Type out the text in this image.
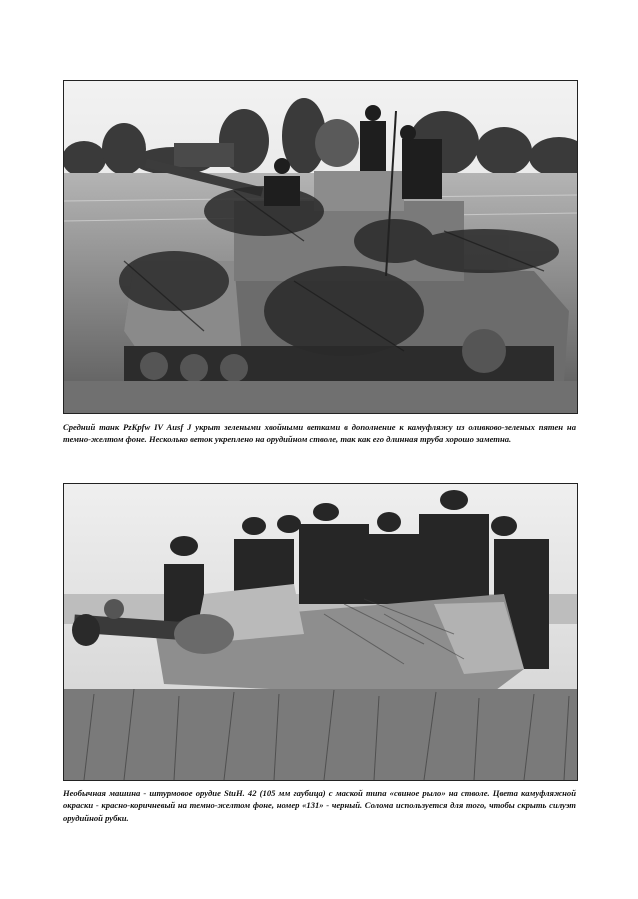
Средний танк PzKpfw IV Ausf J укрыт зелеными хвойными ветками в дополнение к камуфляжу из оливково-зеленых пятен на темно-желтом фоне. Несколько веток укреплено на орудийном стволе, так как его длинная труба хорошо заметна.

Необычная машина - штурмовое орудие StuH. 42 (105 мм гаубица) с маской типа «свиное рыло» на стволе. Цвета камуфляжной окраски - красно-коричневый на темно-желтом фоне, номер «131» - черный. Солома используется для того, чтобы скрыть силуэт орудийной рубки.
